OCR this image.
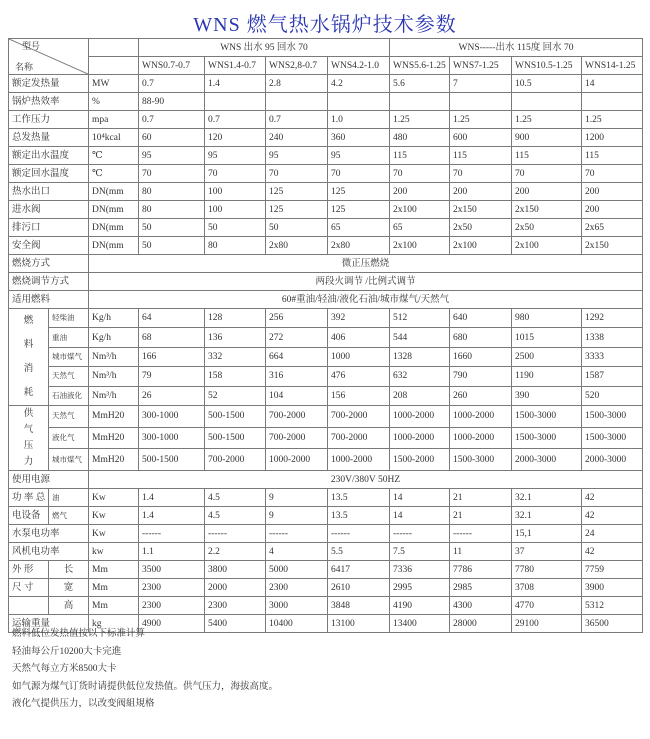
WNS 燃气热水锅炉技术参数
型号
名称			WNS 出水 95 回水 70				WNS-----出水 115度 回水 70			
			WNS0.7-0.7	WNS1.4-0.7	WNS2,8-0.7	WNS4.2-1.0	WNS5.6-1.25	WNS7-1.25	WNS10.5-1.25	WNS14-1.25
额定发热量		MW	0.7	1.4	2.8	4.2	5.6	7	10.5	14
锅炉热效率		%	88-90							
工作压力		mpa	0.7	0.7	0.7	1.0	1.25	1.25	1.25	1.25
总发热量		10⁴kcal	60	120	240	360	480	600	900	1200
额定出水温度		℃	95	95	95	95	115	115	115	115
额定回水温度		℃	70	70	70	70	70	70	70	70
热水出口		DN(mm	80	100	125	125	200	200	200	200
进水阀		DN(mm	80	100	125	125	2x100	2x150	2x150	200
排污口		DN(mm	50	50	50	65	65	2x50	2x50	2x65
安全阀		DN(mm	50	80	2x80	2x80	2x100	2x100	2x100	2x150
燃烧方式		微正压燃烧								
燃烧调节方式		两段火调节 /比例式调节								
适用燃料		60#重油/轻油/液化石油/城市煤气/天然气								

燃
料
消
耗	轻柴油	Kg/h	64	128	256	392	512	640	980	1292
	重油	Kg/h	68	136	272	406	544	680	1015	1338
	城市煤气	Nm³/h	166	332	664	1000	1328	1660	2500	3333
	天然气	Nm³/h	79	158	316	476	632	790	1190	1587
	石油液化	Nm³/h	26	52	104	156	208	260	390	520

供
气
压
力	天然气	MmH20	300-1000	500-1500	700-2000	700-2000	1000-2000	1000-2000	1500-3000	1500-3000
	液化气	MmH20	300-1000	500-1500	700-2000	700-2000	1000-2000	1000-2000	1500-3000	1500-3000
	城市煤气	MmH20	500-1500	700-2000	1000-2000	1000-2000	1500-2000	1500-3000	2000-3000	2000-3000
使用电源		230V/380V 50HZ								
功 率 总	油	Kw	1.4	4.5	9	13.5	14	21	32.1	42
电设备	燃气	Kw	1.4	4.5	9	13.5	14	21	32.1	42
水泵电功率		Kw	------	------	------	------	------	------	15,1	24
风机电功率		kw	1.1	2.2	4	5.5	7.5	11	37	42
外 形	长	Mm	3500	3800	5000	6417	7336	7786	7780	7759
尺 寸	宽	Mm	2300	2000	2300	2610	2995	2985	3708	3900
	高	Mm	2300	2300	3000	3848	4190	4300	4770	5312
运输重量		kg	4900	5400	10400	13100	13400	28000	29100	36500
燃料低位发热值按以下标准计算
轻油每公斤10200大卡完進
天然气每立方米8500大卡
如气源为煤气订货时请提供低位发热值。供气压力，海拔高度。
液化气提供压力，以改变阀組規格
